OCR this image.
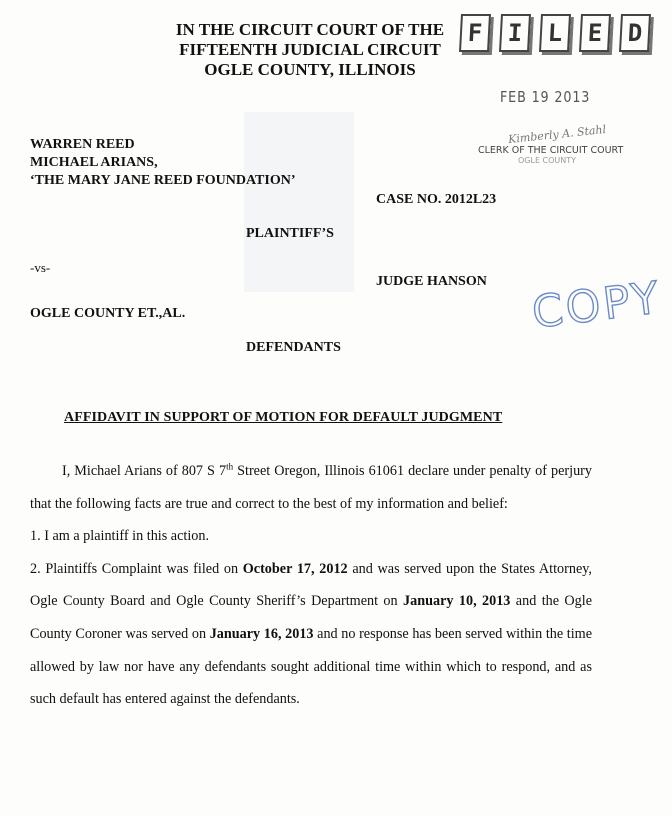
IN THE CIRCUIT COURT OF THE
FIFTEENTH JUDICIAL CIRCUIT
OGLE COUNTY, ILLINOIS
F I L E D
FEB 19 2013
Kimberly A. Stahl
CLERK OF THE CIRCUIT COURT
OGLE COUNTY
WARREN REED
MICHAEL ARIANS,
‘THE MARY JANE REED FOUNDATION’
CASE NO. 2012L23
PLAINTIFF’S
-vs-
JUDGE HANSON
OGLE COUNTY ET.,AL.
DEFENDANTS
COPY
AFFIDAVIT IN SUPPORT OF MOTION FOR DEFAULT JUDGMENT

I, Michael Arians of 807 S 7th Street Oregon, Illinois 61061 declare under penalty of perjury that the following facts are true and correct to the best of my information and belief:

1. I am a plaintiff in this action.

2. Plaintiffs Complaint was filed on October 17, 2012 and was served upon the States Attorney, Ogle County Board and Ogle County Sheriff’s Department on January 10, 2013 and the Ogle County Coroner was served on January 16, 2013 and no response has been served within the time allowed by law nor have any defendants sought additional time within which to respond, and as such default has entered against the defendants.
